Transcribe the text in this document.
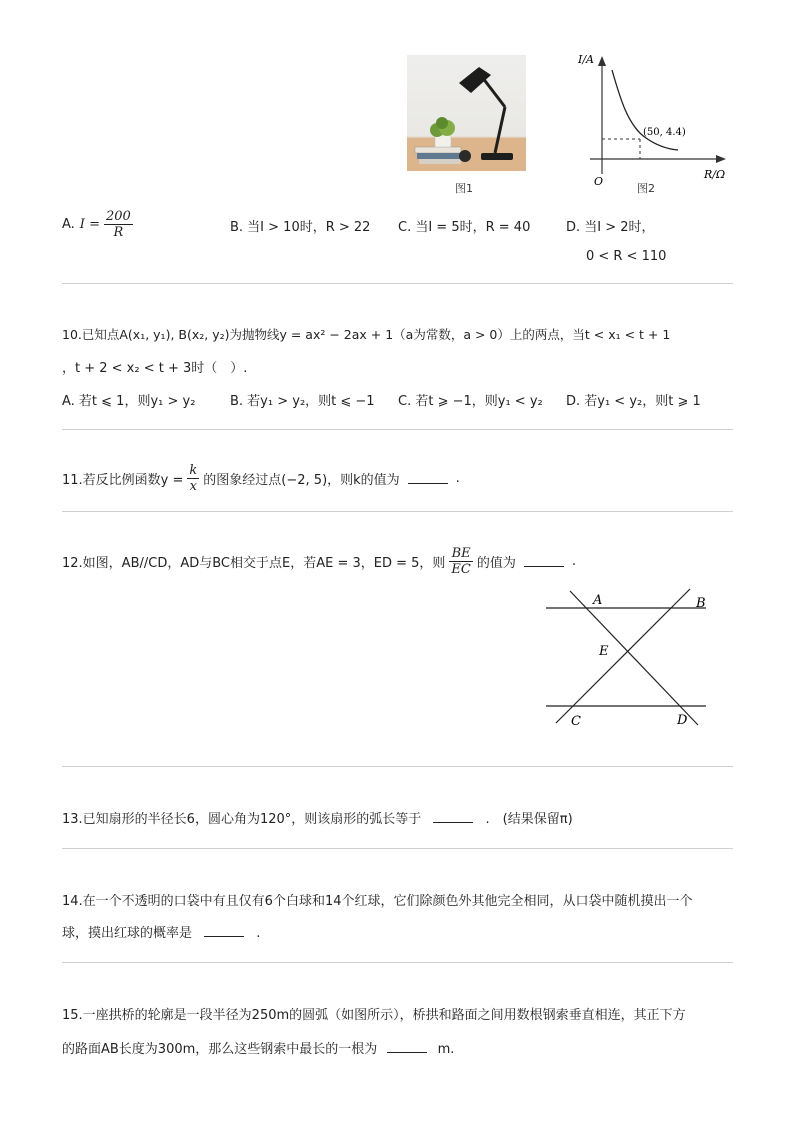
图1
I/A
R/Ω
O
(50, 4.4)
图2
A. $I = \frac{200}{R}$	B. 当I > 10时，R > 22 C. 当I = 5时，R = 40	D. 当I > 2时，
0 < R < 110
10.已知点A(x₁, y₁), B(x₂, y₂)为抛物线y = ax² − 2ax + 1（a为常数，a > 0）上的两点，当t < x₁ < t + 1
，t + 2 < x₂ < t + 3时（　）.
A. 若t ⩽ 1，则y₁ > y₂	B. 若y₁ > y₂，则t ⩽ −1 C. 若t ⩾ −1，则y₁ < y₂ D. 若y₁ < y₂，则t ⩾ 1
11.若反比例函数$y = \frac{k}{x}$ 的图象经过点(−2, 5)，则k的值为	.
12.如图，AB//CD，AD与BC相交于点E，若AE = 3，ED = 5，则 $\frac{BE}{EC}$ 的值为	.
A	B
C	D
E
13.已知扇形的半径长6，圆心角为120°，则该扇形的弧长等于	.　(结果保留π)
14.在一个不透明的口袋中有且仅有6个白球和14个红球，它们除颜色外其他完全相同，从口袋中随机摸出一个
球，摸出红球的概率是	.
15.一座拱桥的轮廓是一段半径为250m的圆弧（如图所示），桥拱和路面之间用数根钢索垂直相连，其正下方
的路面AB长度为300m，那么这些钢索中最长的一根为	m.
